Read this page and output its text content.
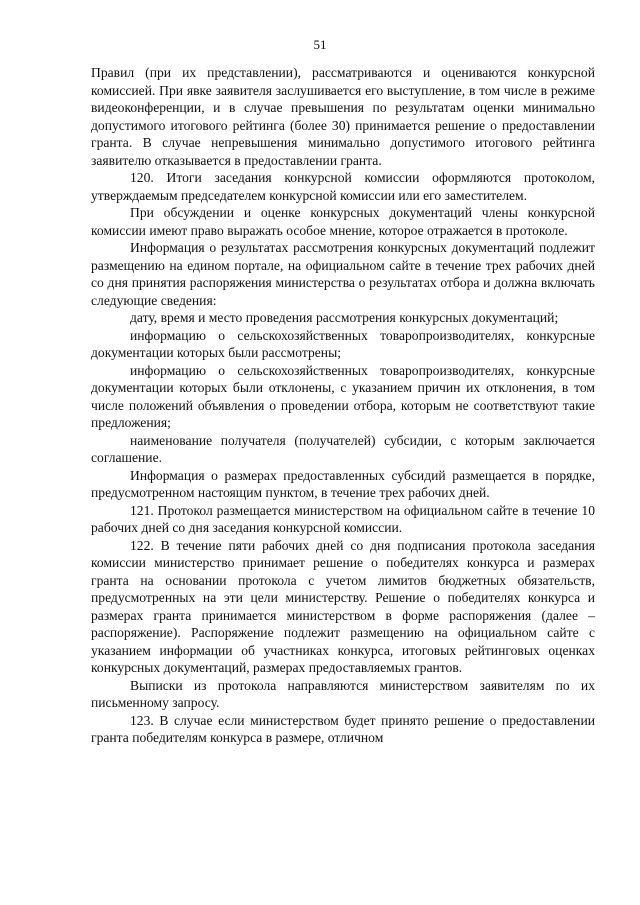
51

Правил (при их представлении), рассматриваются и оцениваются конкурсной комиссией. При явке заявителя заслушивается его выступление, в том числе в режиме видеоконференции, и в случае превышения по результатам оценки минимально допустимого итогового рейтинга (более 30) принимается решение о предоставлении гранта. В случае непревышения минимально допустимого итогового рейтинга заявителю отказывается в предоставлении гранта.

120. Итоги заседания конкурсной комиссии оформляются протоколом, утверждаемым председателем конкурсной комиссии или его заместителем.

При обсуждении и оценке конкурсных документаций члены конкурсной комиссии имеют право выражать особое мнение, которое отражается в протоколе.

Информация о результатах рассмотрения конкурсных документаций подлежит размещению на едином портале, на официальном сайте в течение трех рабочих дней со дня принятия распоряжения министерства о результатах отбора и должна включать следующие сведения:

дату, время и место проведения рассмотрения конкурсных документаций;

информацию о сельскохозяйственных товаропроизводителях, конкурсные документации которых были рассмотрены;

информацию о сельскохозяйственных товаропроизводителях, конкурсные документации которых были отклонены, с указанием причин их отклонения, в том числе положений объявления о проведении отбора, которым не соответствуют такие предложения;

наименование получателя (получателей) субсидии, с которым заключается соглашение.

Информация о размерах предоставленных субсидий размещается в порядке, предусмотренном настоящим пунктом, в течение трех рабочих дней.

121. Протокол размещается министерством на официальном сайте в течение 10 рабочих дней со дня заседания конкурсной комиссии.

122. В течение пяти рабочих дней со дня подписания протокола заседания комиссии министерство принимает решение о победителях конкурса и размерах гранта на основании протокола с учетом лимитов бюджетных обязательств, предусмотренных на эти цели министерству. Решение о победителях конкурса и размерах гранта принимается министерством в форме распоряжения (далее – распоряжение). Распоряжение подлежит размещению на официальном сайте с указанием информации об участниках конкурса, итоговых рейтинговых оценках конкурсных документаций, размерах предоставляемых грантов.

Выписки из протокола направляются министерством заявителям по их письменному запросу.

123. В случае если министерством будет принято решение о предоставлении гранта победителям конкурса в размере, отличном
